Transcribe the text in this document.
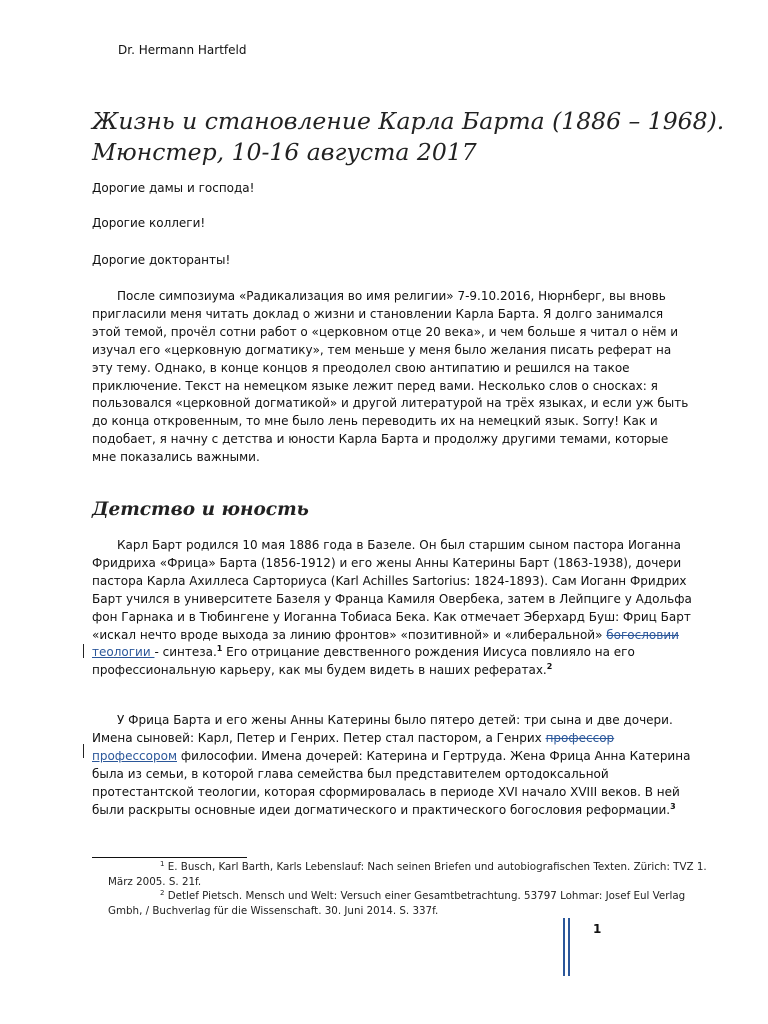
Dr. Hermann Hartfeld
Жизнь и становление Карла Барта (1886 – 1968). Мюнстер, 10-16 августа 2017
Дорогие дамы и господа!
Дорогие коллеги!
Дорогие докторанты!

После симпозиума «Радикализация во имя религии» 7-9.10.2016, Нюрнберг, вы вновь пригласили меня читать доклад о жизни и становлении Карла Барта. Я долго занимался этой темой, прочёл сотни работ о «церковном отце 20 века», и чем больше я читал о нём и изучал его «церковную догматику», тем меньше у меня было желания писать реферат на эту тему. Однако, в конце концов я преодолел свою антипатию и решился на такое приключение. Текст на немецком языке лежит перед вами. Несколько слов о сносках: я пользовался «церковной догматикой» и другой литературой на трёх языках, и если уж быть до конца откровенным, то мне было лень переводить их на немецкий язык. Sorry! Как и подобает, я начну с детства и юности Карла Барта и продолжу другими темами, которые мне показались важными.

Детство и юность

Карл Барт родился 10 мая 1886 года в Базеле. Он был старшим сыном пастора Иоганна Фридриха «Фрица» Барта (1856-1912) и его жены Анны Катерины Барт (1863-1938), дочери пастора Карла Ахиллеса Сарториуса (Karl Achilles Sartorius: 1824-1893). Сам Иоганн Фридрих Барт учился в университете Базеля у Франца Камиля Овербека, затем в Лейпциге у Адольфа фон Гарнака и в Тюбингене у Иоганна Тобиаса Бека. Как отмечает Эберхард Буш: Фриц Барт «искал нечто вроде выхода за линию фронтов» «позитивной» и «либеральной» богословии теологии - синтеза.$^1$ Его отрицание девственного рождения Иисуса повлияло на его профессиональную карьеру, как мы будем видеть в наших рефератах.$^2$

У Фрица Барта и его жены Анны Катерины было пятеро детей: три сына и две дочери. Имена сыновей: Карл, Петер и Генрих. Петер стал пастором, а Генрих профессор профессором философии. Имена дочерей: Катерина и Гертруда. Жена Фрица Анна Катерина была из семьи, в которой глава семейства был представителем ортодоксальной протестантской теологии, которая сформировалась в периоде XVI начало XVIII веков. В ней были раскрыты основные идеи догматического и практического богословия реформации.$^3$

$^1$ E. Busch, Karl Barth, Karls Lebenslauf: Nach seinen Briefen und autobiografischen Texten. Zürich: TVZ 1. März 2005. S. 21f.
$^2$ Detlef Pietsch. Mensch und Welt: Versuch einer Gesamtbetrachtung. 53797 Lohmar: Josef Eul Verlag Gmbh, / Buchverlag für die Wissenschaft. 30. Juni 2014. S. 337f.
1
